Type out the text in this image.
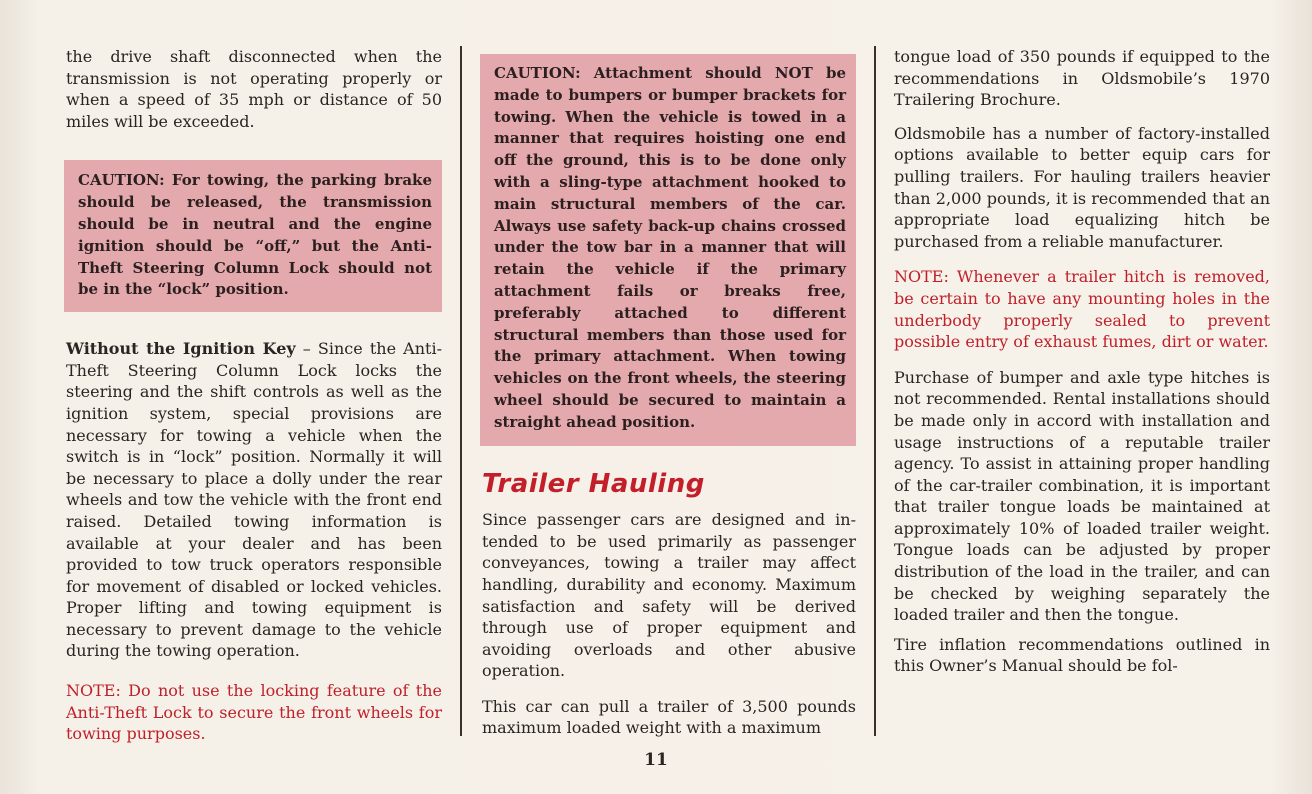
the drive shaft disconnected when the transmission is not operating properly or when a speed of 35 mph or distance of 50 miles will be exceeded.

CAUTION: For towing, the parking brake should be released, the transmission should be in neutral and the engine ignition should be “off,” but the Anti-Theft Steering Column Lock should not be in the “lock” position.

Without the Ignition Key – Since the Anti-Theft Steering Column Lock locks the steering and the shift controls as well as the ignition system, special provisions are necessary for towing a vehicle when the switch is in “lock” position. Normally it will be necessary to place a dolly under the rear wheels and tow the vehicle with the front end raised. Detailed towing information is available at your dealer and has been provided to tow truck operators responsible for movement of disabled or locked vehicles. Proper lifting and towing equipment is necessary to prevent damage to the vehicle during the towing operation.

NOTE: Do not use the locking feature of the Anti-Theft Lock to secure the front wheels for towing purposes.

CAUTION: Attachment should NOT be made to bumpers or bumper brackets for towing. When the vehicle is towed in a manner that requires hoisting one end off the ground, this is to be done only with a sling-type attachment hooked to main structural members of the car. Always use safety back-up chains crossed under the tow bar in a manner that will retain the vehicle if the primary attachment fails or breaks free, preferably attached to different structural members than those used for the primary attachment. When towing vehicles on the front wheels, the steering wheel should be secured to maintain a straight ahead position.

Trailer Hauling

Since passenger cars are designed and intended to be used primarily as passenger conveyances, towing a trailer may affect handling, durability and economy. Maximum satisfaction and safety will be derived through use of proper equipment and avoiding overloads and other abusive operation.

This car can pull a trailer of 3,500 pounds maximum loaded weight with a maximum

tongue load of 350 pounds if equipped to the recommendations in Oldsmobile’s 1970 Trailering Brochure.

Oldsmobile has a number of factory-installed options available to better equip cars for pulling trailers. For hauling trailers heavier than 2,000 pounds, it is recommended that an appropriate load equalizing hitch be purchased from a reliable manufacturer.

NOTE: Whenever a trailer hitch is removed, be certain to have any mounting holes in the underbody properly sealed to prevent possible entry of exhaust fumes, dirt or water.

Purchase of bumper and axle type hitches is not recommended. Rental installations should be made only in accord with installation and usage instructions of a reputable trailer agency. To assist in attaining proper handling of the car-trailer combination, it is important that trailer tongue loads be maintained at approximately 10% of loaded trailer weight. Tongue loads can be adjusted by proper distribution of the load in the trailer, and can be checked by weighing separately the loaded trailer and then the tongue.

Tire inflation recommendations outlined in this Owner’s Manual should be fol-

11
